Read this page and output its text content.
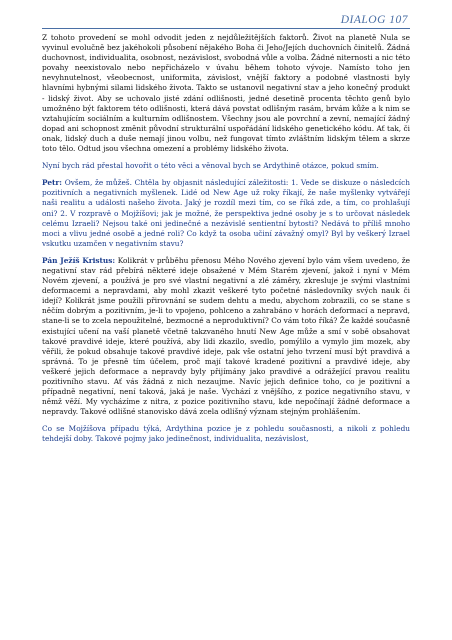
DIALOG 107

Z tohoto provedení se mohl odvodit jeden z nejdůležitějších faktorů. Život na planetě Nula se vyvinul evolučně bez jakéhokoli působení nějakého Boha či Jeho/Jejích duchovních činitelů. Žádná duchovnost, individualita, osobnost, nezávislost, svobodná vůle a volba. Žádné niternosti a nic této povahy neexistovalo nebo nepřicházelo v úvahu během tohoto vývoje. Namísto toho jen nevyhnutelnost, všeobecnost, uniformita, závislost, vnější faktory a podobné vlastnosti byly hlavními hybnými silami lidského života. Takto se ustanovil negativní stav a jeho konečný produkt - lidský život. Aby se uchovalo jisté zdání odlišnosti, jedné desetině procenta těchto genů bylo umožněno být faktorem této odlišnosti, která dává povstat odlišným rasám, brvám kůže a k nim se vztahujícím sociálním a kulturním odlišnostem. Všechny jsou ale povrchní a zevní, nemající žádný dopad ani schopnost změnit původní strukturální uspořádání lidského genetického kódu. Ať tak, či onak, lidský duch a duše nemají jinou volbu, než fungovat tímto zvláštním lidským tělem a skrze toto tělo. Odtud jsou všechna omezení a problémy lidského života.

Nyní bych rád přestal hovořit o této věci a věnoval bych se Ardythině otázce, pokud smím.

Petr: Ovšem, že můžeš. Chtěla by objasnit následující záležitosti: 1. Vede se diskuze o následcích pozitivních a negativních myšlenek. Lidé od New Age už roky říkají, že naše myšlenky vytvářejí naši realitu a události našeho života. Jaký je rozdíl mezi tím, co se říká zde, a tím, co prohlašují oni? 2. V rozpravě o Mojžíšovi; jak je možné, že perspektiva jedné osoby je s to určovat následek celému Izraeli? Nejsou také oni jedinečné a nezávislé sentientní bytosti? Nedává to příliš mnoho moci a vlivu jedné osobě a jedné roli? Co když ta osoba učiní závažný omyl? Byl by veškerý Izrael vskutku uzamčen v negativním stavu?

Pán Ježíš Kristus: Kolikrát v průběhu přenosu Mého Nového zjevení bylo vám všem uvedeno, že negativní stav rád přebírá některé ideje obsažené v Mém Starém zjevení, jakož i nyní v Mém Novém zjevení, a používá je pro své vlastní negativní a zlé záměry, zkresluje je svými vlastními deformacemi a nepravdami, aby mohl zkazit veškeré tyto početné následovníky svých nauk či idejí? Kolikrát jsme použili přirovnání se sudem dehtu a medu, abychom zobrazili, co se stane s něčím dobrým a pozitivním, je-li to vpojeno, pohlceno a zahrabáno v horách deformací a nepravd, stane-li se to zcela nepoužitelné, bezmocné a neproduktivní? Co vám toto říká? Že každé současně existující učení na vaší planetě včetně takzvaného hnutí New Age může a smí v sobě obsahovat takové pravdivé ideje, které používá, aby lidi zkazilo, svedlo, pomýlilo a vymylo jim mozek, aby věřili, že pokud obsahuje takové pravdivé ideje, pak vše ostatní jeho tvrzení musí být pravdivá a správná. To je přesně tím účelem, proč mají takové kradené pozitivní a pravdivé ideje, aby veškeré jejich deformace a nepravdy byly přijímány jako pravdivé a odrážející pravou realitu pozitivního stavu. Ať vás žádná z nich nezaujme. Navíc jejich definice toho, co je pozitivní a případně negativní, není taková, jaká je naše. Vychází z vnějšího, z pozice negativního stavu, v němž věží. My vycházíme z nitra, z pozice pozitivního stavu, kde nepočínají žádné deformace a nepravdy. Takové odlišné stanovisko dává zcela odlišný význam stejným prohlášením.

Co se Mojžíšova případu týká, Ardythina pozice je z pohledu současnosti, a nikoli z pohledu tehdejší doby. Takové pojmy jako jedinečnost, individualita, nezávislost,
